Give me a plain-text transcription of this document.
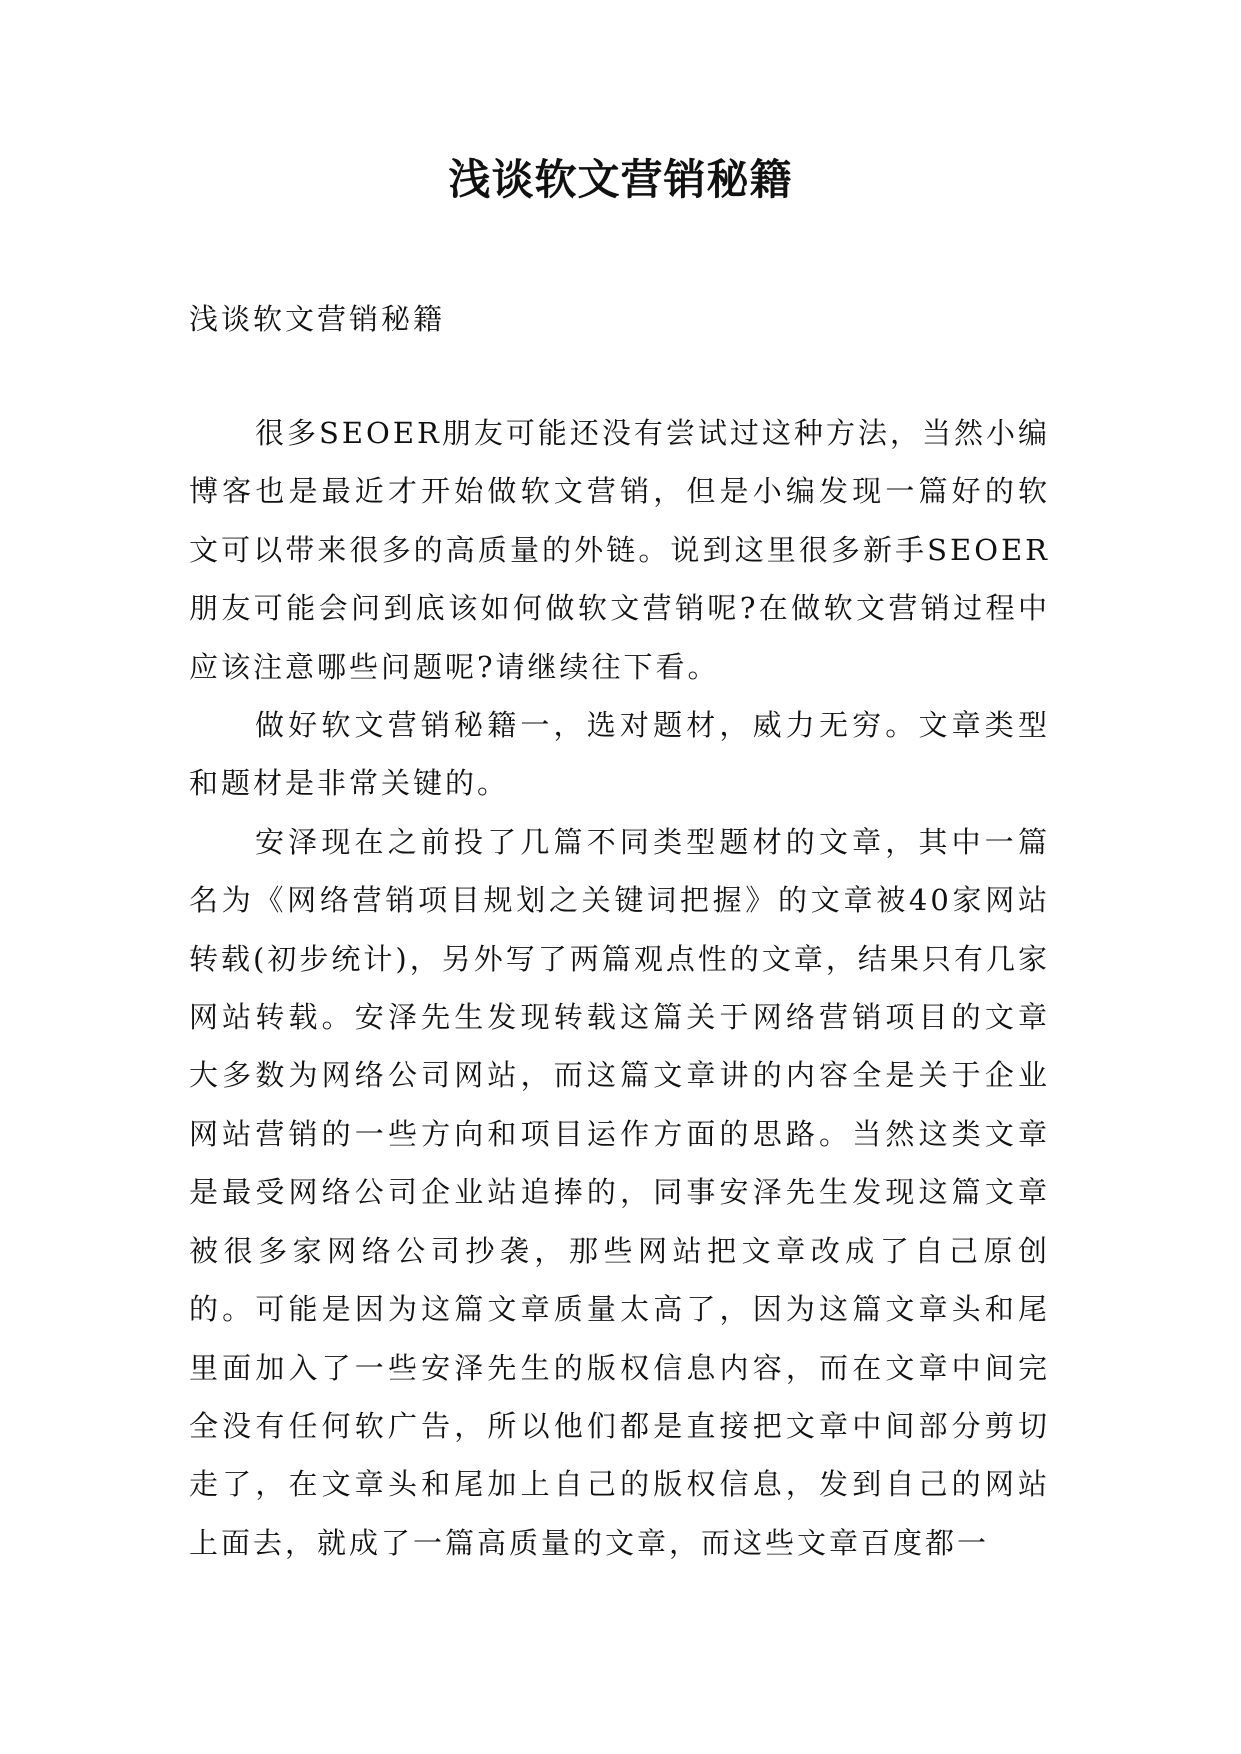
浅谈软文营销秘籍

浅谈软文营销秘籍

很多SEOER朋友可能还没有尝试过这种方法，当然小编博客也是最近才开始做软文营销，但是小编发现一篇好的软文可以带来很多的高质量的外链。说到这里很多新手SEOER朋友可能会问到底该如何做软文营销呢?在做软文营销过程中应该注意哪些问题呢?请继续往下看。

做好软文营销秘籍一，选对题材，威力无穷。文章类型和题材是非常关键的。

安泽现在之前投了几篇不同类型题材的文章，其中一篇名为《网络营销项目规划之关键词把握》的文章被40家网站转载(初步统计)，另外写了两篇观点性的文章，结果只有几家网站转载。安泽先生发现转载这篇关于网络营销项目的文章大多数为网络公司网站，而这篇文章讲的内容全是关于企业网站营销的一些方向和项目运作方面的思路。当然这类文章是最受网络公司企业站追捧的，同事安泽先生发现这篇文章被很多家网络公司抄袭，那些网站把文章改成了自己原创的。可能是因为这篇文章质量太高了，因为这篇文章头和尾里面加入了一些安泽先生的版权信息内容，而在文章中间完全没有任何软广告，所以他们都是直接把文章中间部分剪切走了，在文章头和尾加上自己的版权信息，发到自己的网站上面去，就成了一篇高质量的文章，而这些文章百度都一
